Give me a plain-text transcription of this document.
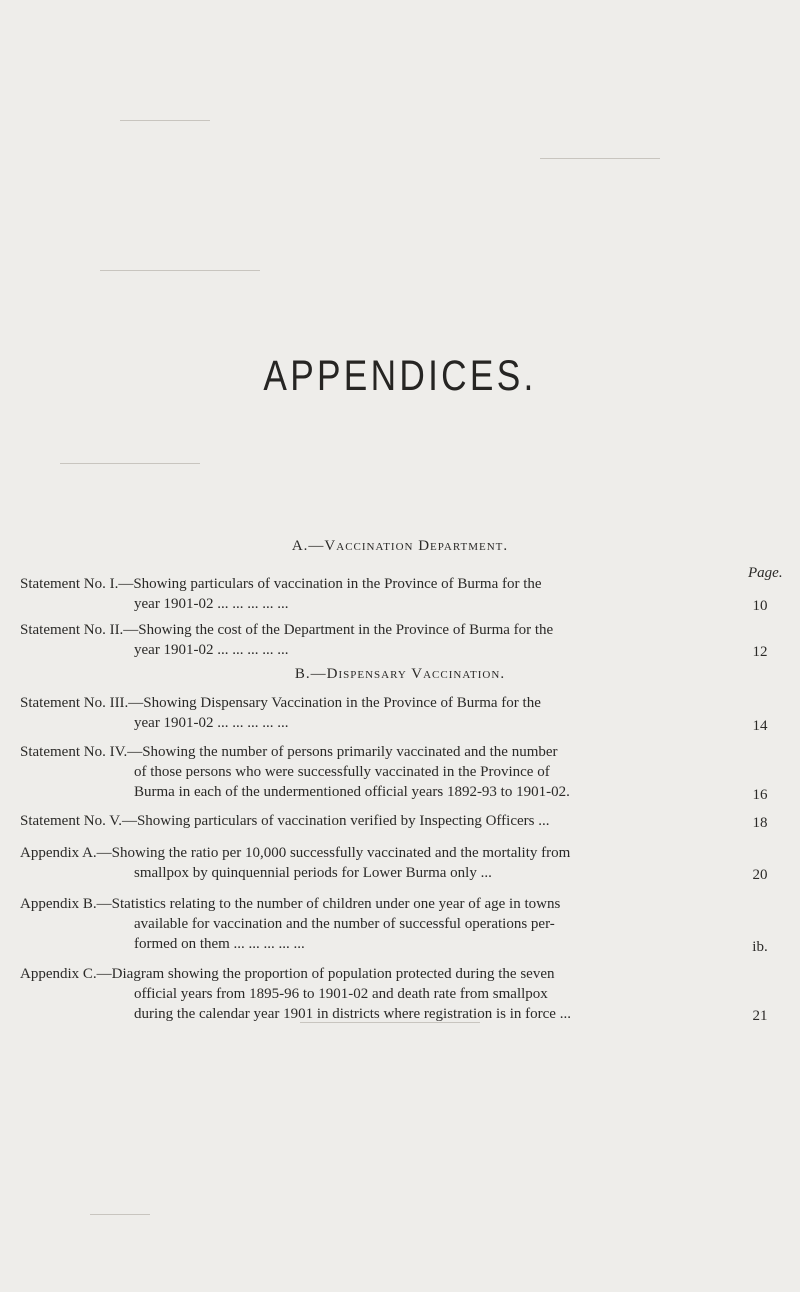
APPENDICES.
A.—Vaccination Department.
Page.
Statement No. I.—Showing particulars of vaccination in the Province of Burma for the
year 1901-02 ... ... ... ... ...	10
Statement No. II.—Showing the cost of the Department in the Province of Burma for the
year 1901-02 ... ... ... ... ...	12
B.—Dispensary Vaccination.
Statement No. III.—Showing Dispensary Vaccination in the Province of Burma for the
year 1901-02 ... ... ... ... ...	14
Statement No. IV.—Showing the number of persons primarily vaccinated and the number
of those persons who were successfully vaccinated in the Province of
Burma in each of the undermentioned official years 1892-93 to 1901-02.	16
Statement No. V.—Showing particulars of vaccination verified by Inspecting Officers ...	18
Appendix A.—Showing the ratio per 10,000 successfully vaccinated and the mortality from
smallpox by quinquennial periods for Lower Burma only ...	20
Appendix B.—Statistics relating to the number of children under one year of age in towns
available for vaccination and the number of successful operations per-
formed on them ... ... ... ... ...	ib.
Appendix C.—Diagram showing the proportion of population protected during the seven
official years from 1895-96 to 1901-02 and death rate from smallpox
during the calendar year 1901 in districts where registration is in force ...	21
